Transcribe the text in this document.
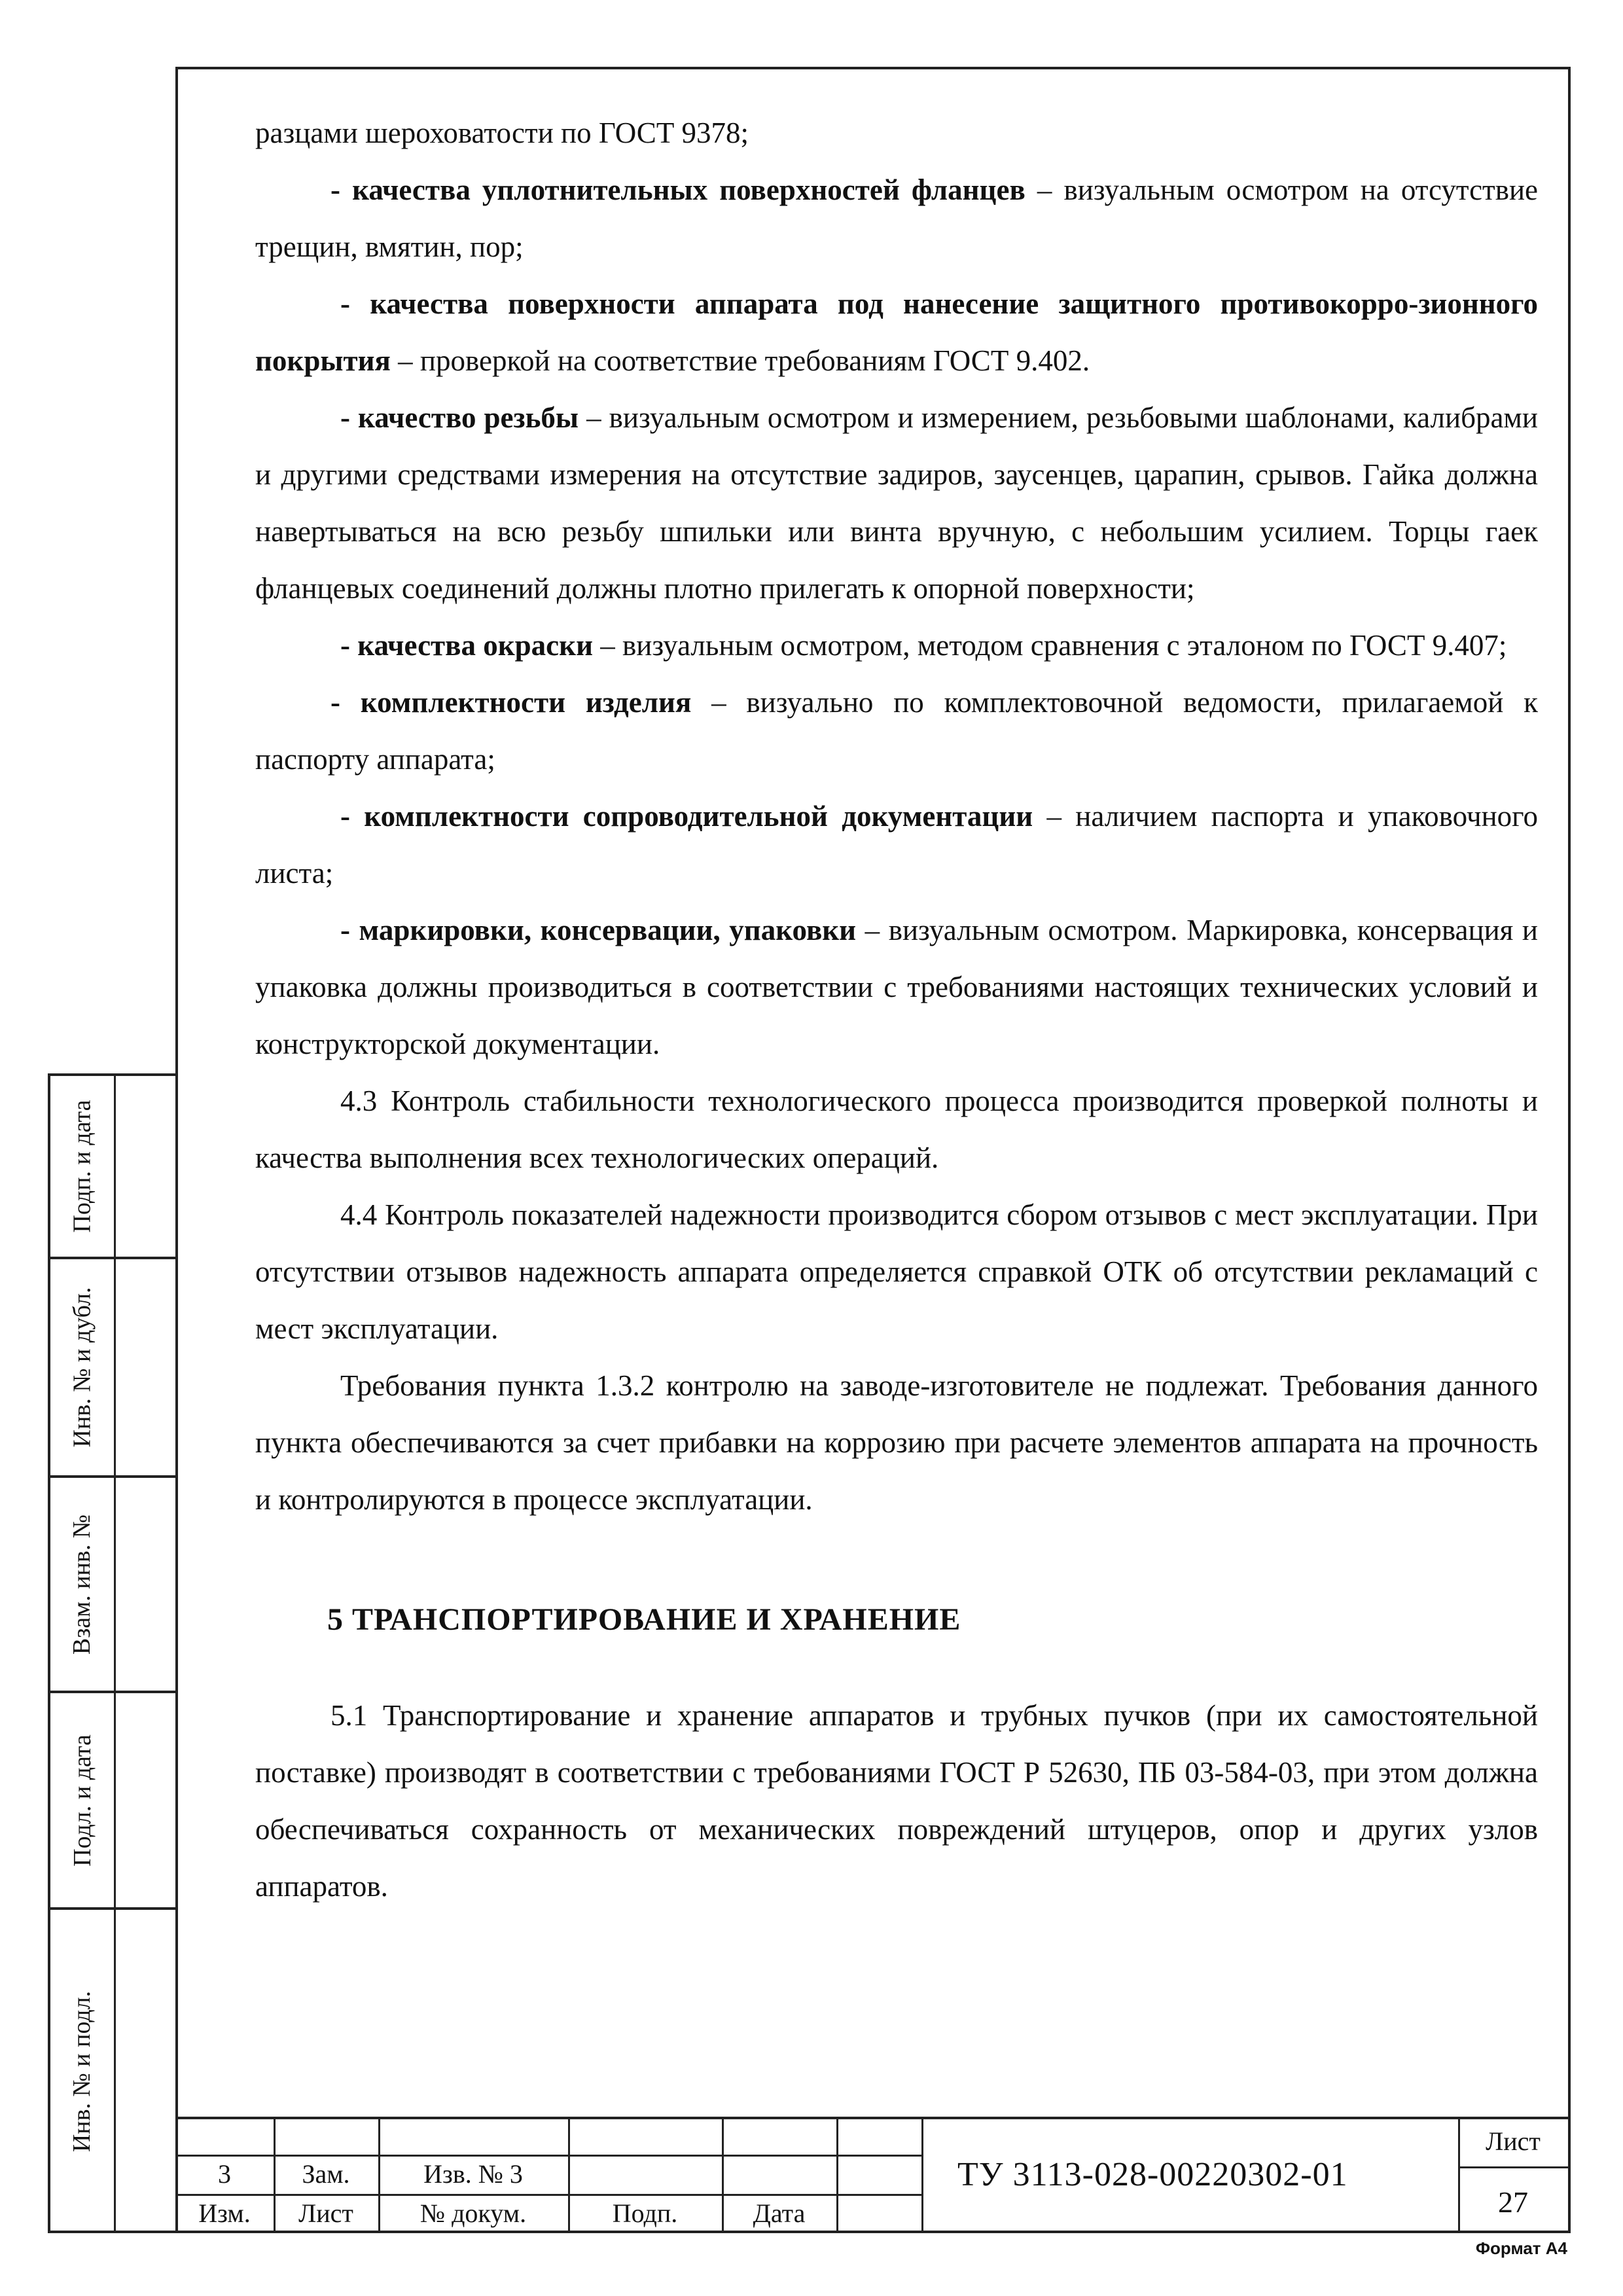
Подп. и дата
Инв. № и дубл.
Взам. инв. №
Подл. и дата
Инв. № и подл.

разцами шероховатости по ГОСТ 9378;

- качества уплотнительных поверхностей фланцев – визуальным осмотром на отсутствие трещин, вмятин, пор;

- качества поверхности аппарата под нанесение защитного противокорро-зионного покрытия – проверкой на соответствие требованиям ГОСТ 9.402.

- качество резьбы – визуальным осмотром и измерением, резьбовыми шаблонами, калибрами и другими средствами измерения на отсутствие задиров, заусенцев, царапин, срывов. Гайка должна навертываться на всю резьбу шпильки или винта вручную, с небольшим усилием. Торцы гаек фланцевых соединений должны плотно прилегать к опорной поверхности;

- качества окраски – визуальным осмотром, методом сравнения с эталоном по ГОСТ 9.407;

- комплектности изделия – визуально по комплектовочной ведомости, прилагаемой к паспорту аппарата;

- комплектности сопроводительной документации – наличием паспорта и упаковочного листа;

- маркировки, консервации, упаковки – визуальным осмотром. Маркировка, консервация и упаковка должны производиться в соответствии с требованиями настоящих технических условий и конструкторской документации.

4.3 Контроль стабильности технологического процесса производится проверкой полноты и качества выполнения всех технологических операций.

4.4 Контроль показателей надежности производится сбором отзывов с мест эксплуатации. При отсутствии отзывов надежность аппарата определяется справкой ОТК об отсутствии рекламаций с мест эксплуатации.

Требования пункта 1.3.2 контролю на заводе-изготовителе не подлежат. Требования данного пункта обеспечиваются за счет прибавки на коррозию при расчете элементов аппарата на прочность и контролируются в процессе эксплуатации.

5 ТРАНСПОРТИРОВАНИЕ И ХРАНЕНИЕ

5.1 Транспортирование и хранение аппаратов и трубных пучков (при их самостоятельной поставке) производят в соответствии с требованиями ГОСТ Р 52630, ПБ 03-584-03, при этом должна обеспечиваться сохранность от механических повреждений штуцеров, опор и других узлов аппаратов.

3	Зам.	Изв. № 3
Изм.	Лист	№ докум.	Подп.	Дата
ТУ 3113-028-00220302-01
Лист
27
Формат А4
